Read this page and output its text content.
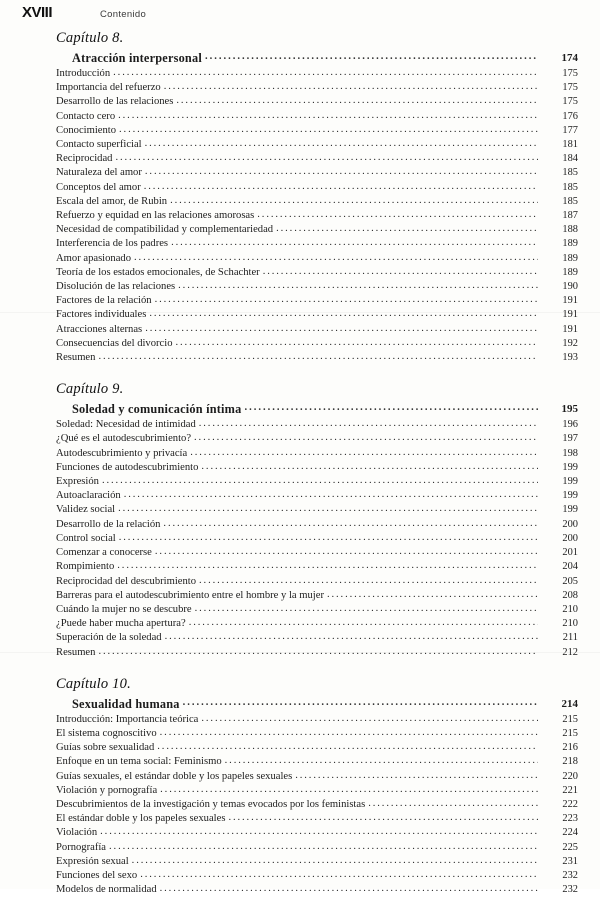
XVIII	Contenido
Capítulo 8.
Atracción interpersonal .....	174
Introducción .....	175
Importancia del refuerzo .....	175
Desarrollo de las relaciones .....	175
Contacto cero .....	176
Conocimiento .....	177
Contacto superficial .....	181
Reciprocidad .....	184
Naturaleza del amor .....	185
Conceptos del amor .....	185
Escala del amor, de Rubin .....	185
Refuerzo y equidad en las relaciones amorosas .....	187
Necesidad de compatibilidad y complementariedad .....	188
Interferencia de los padres .....	189
Amor apasionado .....	189
Teoría de los estados emocionales, de Schachter .....	189
Disolución de las relaciones .....	190
Factores de la relación .....	191
Factores individuales .....	191
Atracciones alternas .....	191
Consecuencias del divorcio .....	192
Resumen .....	193
Capítulo 9.
Soledad y comunicación íntima .....	195
Soledad: Necesidad de intimidad .....	196
¿Qué es el autodescubrimiento? .....	197
Autodescubrimiento y privacía .....	198
Funciones de autodescubrimiento .....	199
Expresión .....	199
Autoaclaración .....	199
Validez social .....	199
Desarrollo de la relación .....	200
Control social .....	200
Comenzar a conocerse .....	201
Rompimiento .....	204
Reciprocidad del descubrimiento .....	205
Barreras para el autodescubrimiento entre el hombre y la mujer .....	208
Cuándo la mujer no se descubre .....	210
¿Puede haber mucha apertura? .....	210
Superación de la soledad .....	211
Resumen .....	212
Capítulo 10.
Sexualidad humana .....	214
Introducción: Importancia teórica .....	215
El sistema cognoscitivo .....	215
Guías sobre sexualidad .....	216
Enfoque en un tema social: Feminismo .....	218
Guías sexuales, el estándar doble y los papeles sexuales .....	220
Violación y pornografía .....	221
Descubrimientos de la investigación y temas evocados por los feministas .....	222
El estándar doble y los papeles sexuales .....	223
Violación .....	224
Pornografía .....	225
Expresión sexual .....	231
Funciones del sexo .....	232
Modelos de normalidad .....	232
